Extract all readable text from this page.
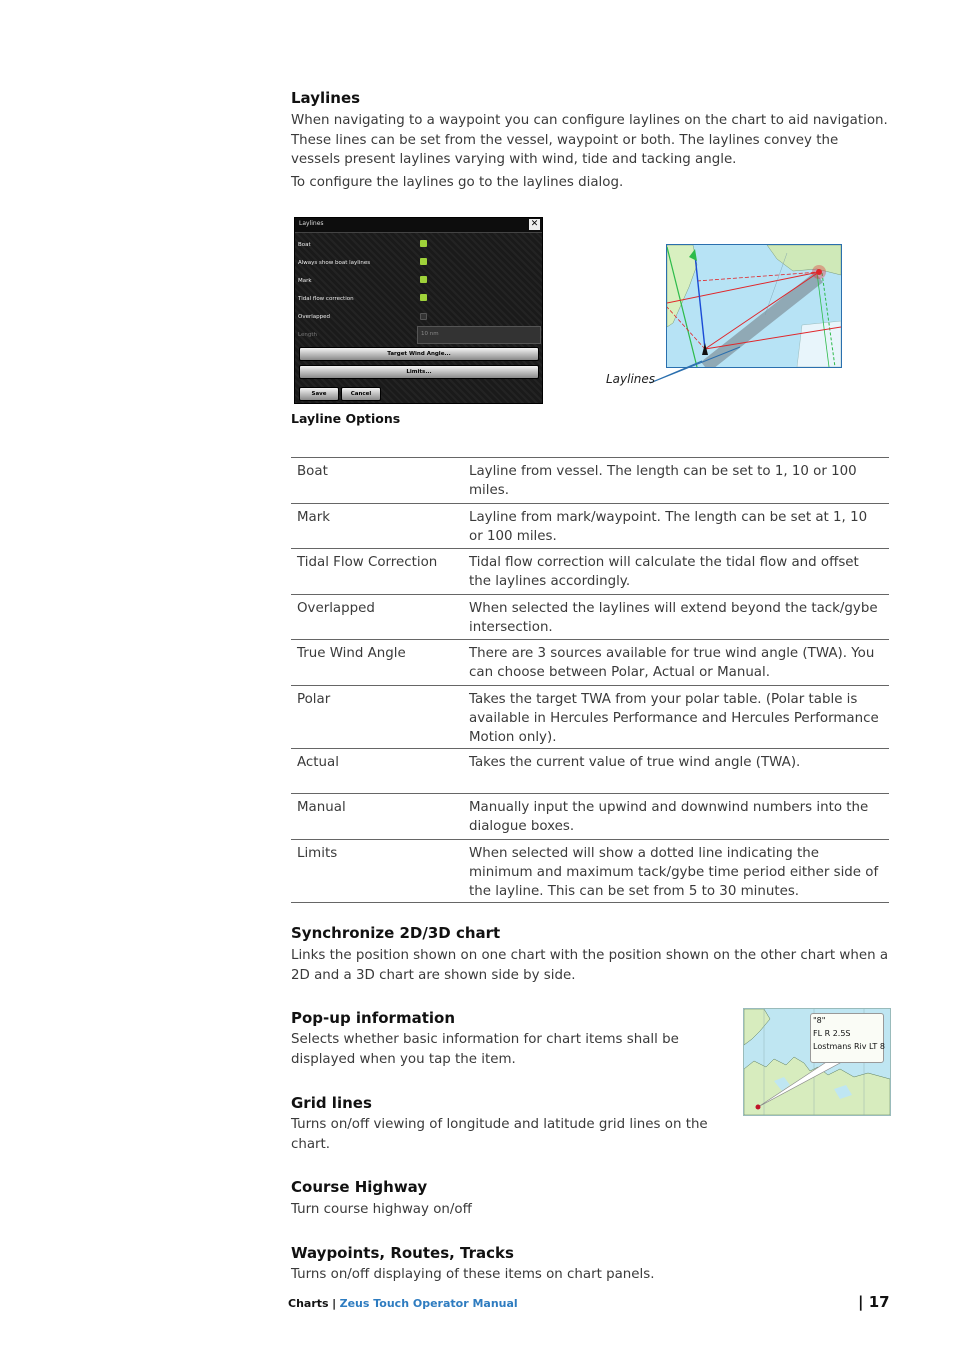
Laylines

When navigating to a waypoint you can configure laylines on the chart to aid navigation. These lines can be set from the vessel, waypoint or both. The laylines convey the vessels present laylines varying with wind, tide and tacking angle.

To configure the laylines go to the laylines dialog.

Laylines	✕
Boat
Always show boat laylines
Mark
Tidal flow correction
Overlapped
Length	10 nm
Target Wind Angle...
Limits...
Save	Cancel
Laylines
Layline Options
Boat	Layline from vessel. The length can be set to 1, 10 or 100 miles.
Mark	Layline from mark/waypoint. The length can be set at 1, 10 or 100 miles.
Tidal Flow Correction	Tidal flow correction will calculate the tidal flow and offset the laylines accordingly.
Overlapped	When selected the laylines will extend beyond the tack/gybe intersection.
True Wind Angle	There are 3 sources available for true wind angle (TWA). You can choose between Polar, Actual or Manual.
Polar	Takes the target TWA from your polar table. (Polar table is available in Hercules Performance and Hercules Performance Motion only).
Actual	Takes the current value of true wind angle (TWA).
Manual	Manually input the upwind and downwind numbers into the dialogue boxes.
Limits	When selected will show a dotted line indicating the minimum and maximum tack/gybe time period either side of the layline. This can be set from 5 to 30 minutes.
Synchronize 2D/3D chart

Links the position shown on one chart with the position shown on the other chart when a 2D and a 3D chart are shown side by side.

Pop-up information

Selects whether basic information for chart items shall be displayed when you tap the item.

"8"
FL R 2.5S
Lostmans Riv LT 8
Grid lines

Turns on/off viewing of longitude and latitude grid lines on the chart.

Course Highway

Turn course highway on/off

Waypoints, Routes, Tracks

Turns on/off displaying of these items on chart panels.

Charts | Zeus Touch Operator Manual	| 17
